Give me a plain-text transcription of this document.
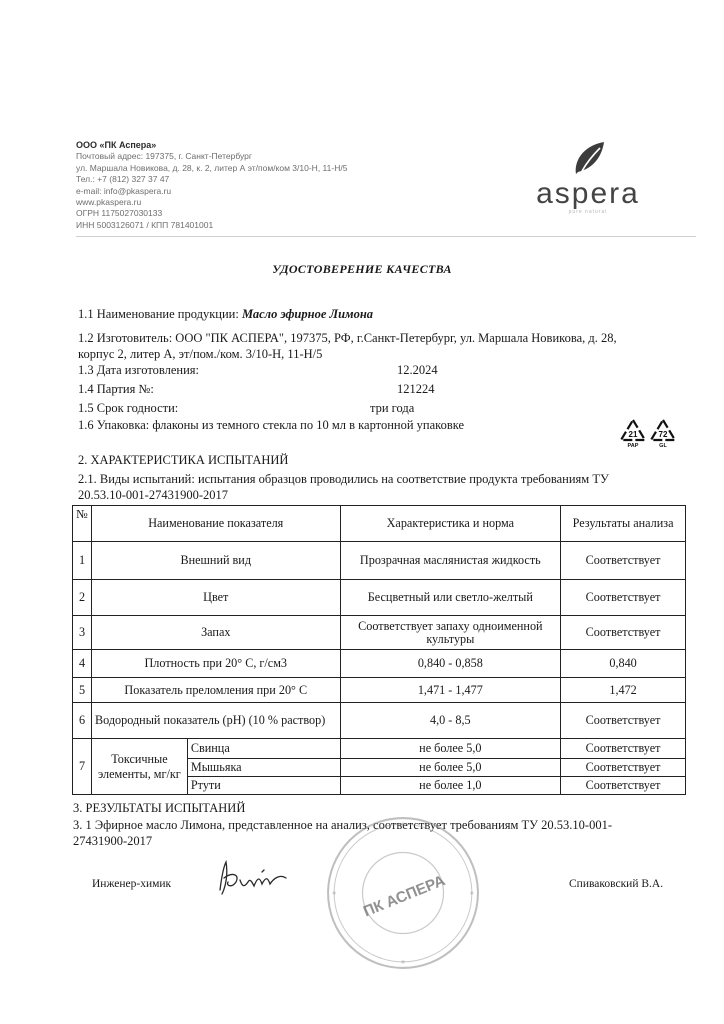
ООО «ПК Аспера»
Почтовый адрес: 197375, г. Санкт-Петербург
ул. Маршала Новикова, д. 28, к. 2, литер А эт/пом/ком 3/10-Н, 11-Н/5
Тел.: +7 (812) 327 37 47
e-mail: info@pkaspera.ru
www.pkaspera.ru
ОГРН 1175027030133
ИНН 5003126071 / КПП 781401001
aspera
pure natural
УДОСТОВЕРЕНИЕ КАЧЕСТВА
1.1 Наименование продукции: Масло эфирное Лимона
1.2 Изготовитель: ООО "ПК АСПЕРА", 197375, РФ, г.Санкт-Петербург, ул. Маршала Новикова, д. 28,
корпус 2, литер А, эт/пом./ком. 3/10-Н, 11-Н/5
1.3 Дата изготовления:	12.2024
1.4 Партия №:	121224
1.5 Срок годности:	три года
1.6 Упаковка: флаконы из темного стекла по 10 мл в картонной упаковке
21
PAP
72
GL
2. ХАРАКТЕРИСТИКА ИСПЫТАНИЙ
2.1. Виды испытаний: испытания образцов проводились на соответствие продукта требованиям ТУ
20.53.10-001-27431900-2017
№	Наименование показателя		Характеристика и норма	Результаты анализа
1	Внешний вид		Прозрачная маслянистая жидкость	Соответствует
2	Цвет		Бесцветный или светло-желтый	Соответствует
3	Запах		Соответствует запаху одноименной культуры	Соответствует
4	Плотность при 20° С, г/см3		0,840 - 0,858	0,840
5	Показатель преломления при 20° С		1,471 - 1,477	1,472
6	Водородный показатель (рН) (10 % раствор)		4,0 - 8,5	Соответствует
7	Токсичные элементы, мг/кг	Свинца	не более 5,0	Соответствует
		Мышьяка	не более 5,0	Соответствует
		Ртути	не более 1,0	Соответствует
3. РЕЗУЛЬТАТЫ ИСПЫТАНИЙ
3. 1 Эфирное масло Лимона, представленное на анализ, соответствует требованиям ТУ 20.53.10-001-
27431900-2017
ПК АСПЕРА
Инженер-химик	Спиваковский В.А.
